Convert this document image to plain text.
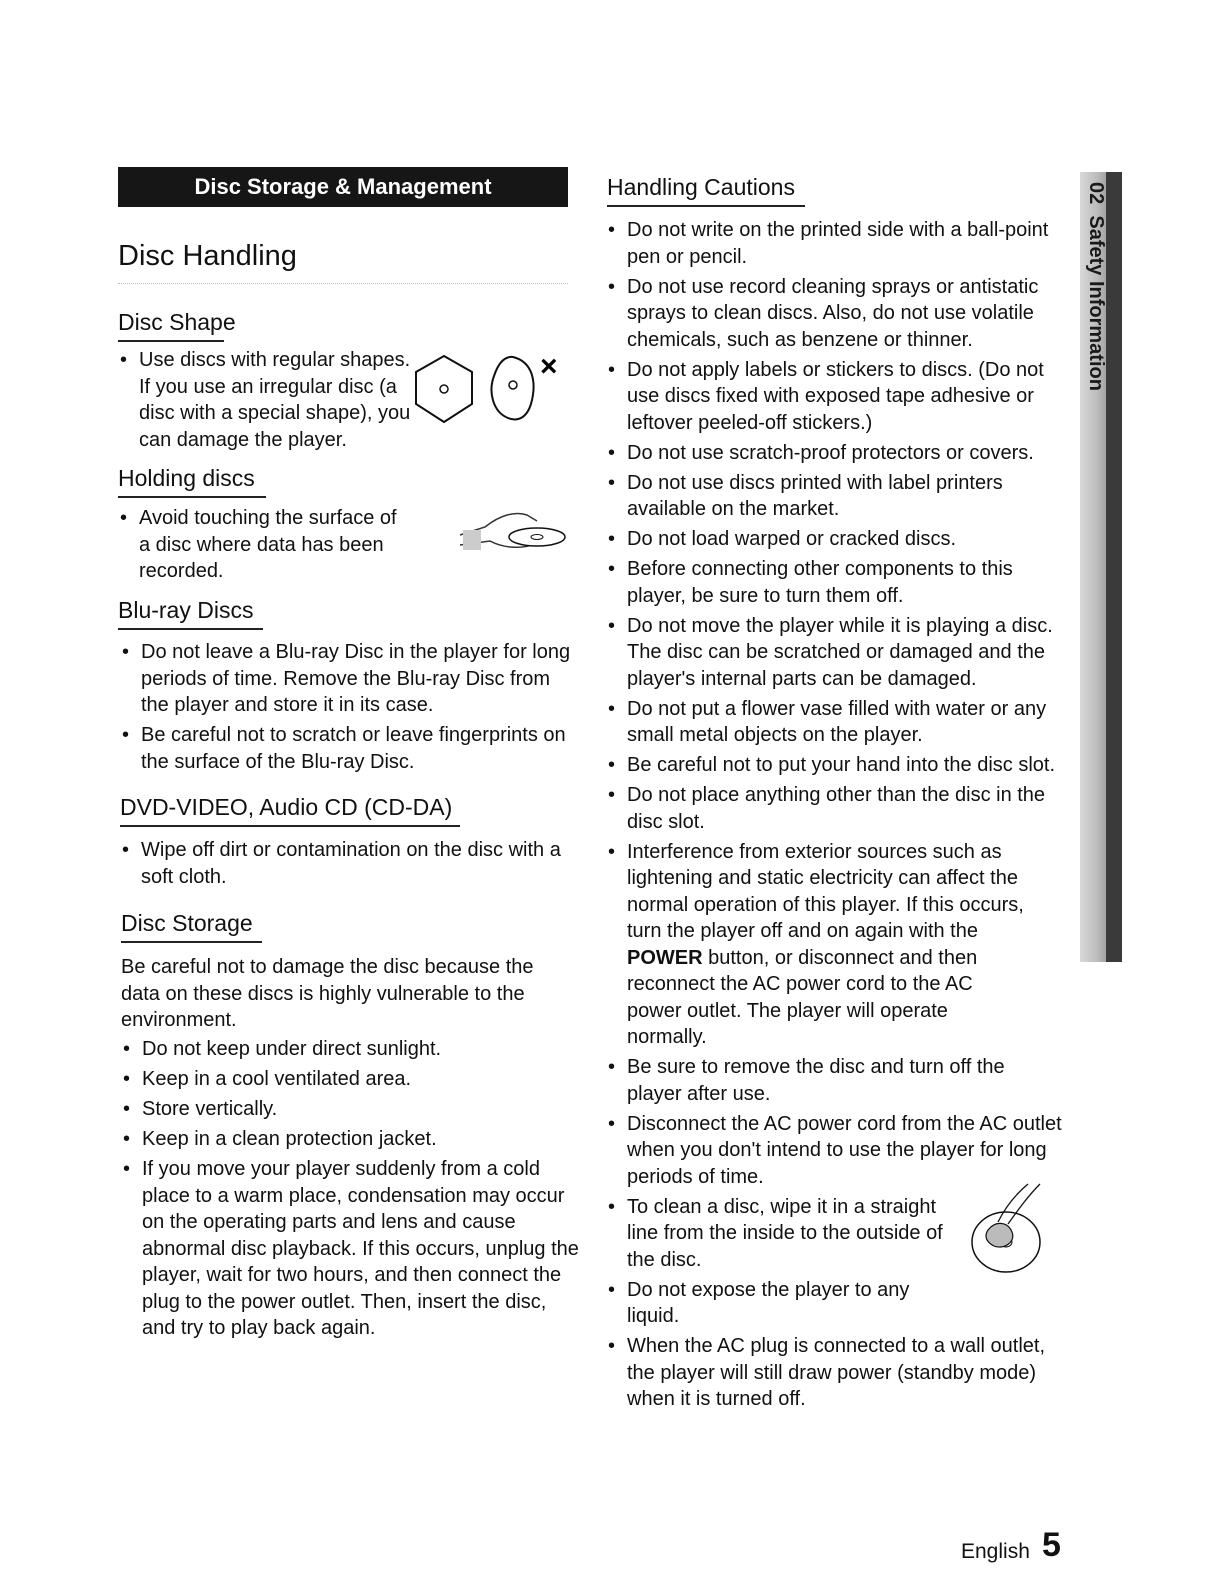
Disc Storage & Management
Disc Handling
Disc Shape
• Use discs with regular shapes. If you use an irregular disc (a disc with a special shape), you can damage the player.
×
Holding discs
• Avoid touching the surface of a disc where data has been recorded.
Blu-ray Discs
• Do not leave a Blu-ray Disc in the player for long periods of time. Remove the Blu-ray Disc from the player and store it in its case.
• Be careful not to scratch or leave fingerprints on the surface of the Blu-ray Disc.
DVD-VIDEO, Audio CD (CD-DA)
• Wipe off dirt or contamination on the disc with a soft cloth.
Disc Storage
Be careful not to damage the disc because the data on these discs is highly vulnerable to the environment.
• Do not keep under direct sunlight.
• Keep in a cool ventilated area.
• Store vertically.
• Keep in a clean protection jacket.
• If you move your player suddenly from a cold place to a warm place, condensation may occur on the operating parts and lens and cause abnormal disc playback. If this occurs, unplug the player, wait for two hours, and then connect the plug to the power outlet. Then, insert the disc, and try to play back again.
Handling Cautions
• Do not write on the printed side with a ball-point pen or pencil.
• Do not use record cleaning sprays or antistatic sprays to clean discs. Also, do not use volatile chemicals, such as benzene or thinner.
• Do not apply labels or stickers to discs. (Do not use discs fixed with exposed tape adhesive or leftover peeled-off stickers.)
• Do not use scratch-proof protectors or covers.
• Do not use discs printed with label printers available on the market.
• Do not load warped or cracked discs.
• Before connecting other components to this player, be sure to turn them off.
• Do not move the player while it is playing a disc. The disc can be scratched or damaged and the player's internal parts can be damaged.
• Do not put a flower vase filled with water or any small metal objects on the player.
• Be careful not to put your hand into the disc slot.
• Do not place anything other than the disc in the disc slot.
• Interference from exterior sources such as lightening and static electricity can affect the normal operation of this player. If this occurs, turn the player off and on again with the POWER button, or disconnect and then reconnect the AC power cord to the AC power outlet. The player will operate normally.
• Be sure to remove the disc and turn off the player after use.
• Disconnect the AC power cord from the AC outlet when you don't intend to use the player for long periods of time.
• To clean a disc, wipe it in a straight line from the inside to the outside of the disc.
• Do not expose the player to any liquid.
• When the AC plug is connected to a wall outlet, the player will still draw power (standby mode) when it is turned off.
02  Safety Information
English 5
